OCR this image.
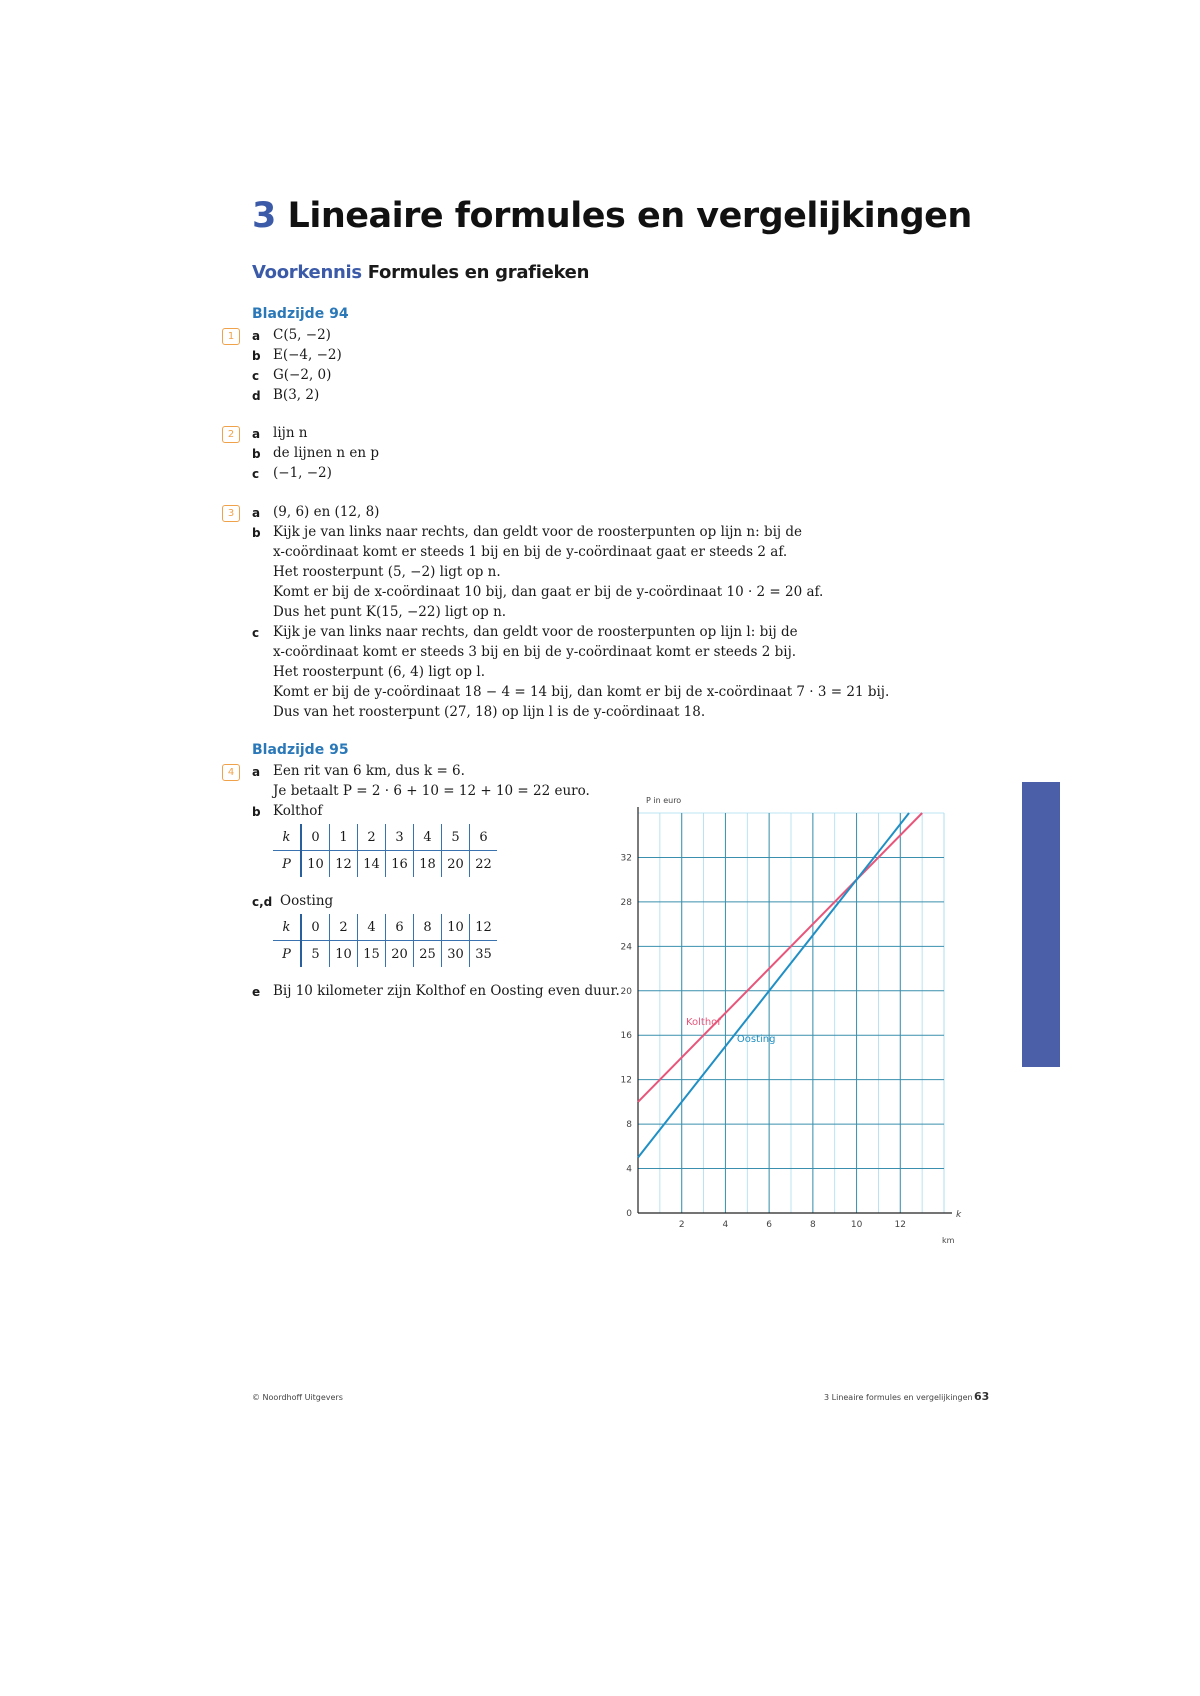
3 Lineaire formules en vergelijkingen
Voorkennis Formules en grafieken
Bladzijde 94
1	a C(5, −2)
b E(−4, −2)
c	G(−2, 0)
d B(3, 2)
2	a lijn n
b de lijnen n en p
c	(−1, −2)
3	a (9, 6) en (12, 8)
b Kijk je van links naar rechts, dan geldt voor de roosterpunten op lijn n: bij de
x-coördinaat komt er steeds 1 bij en bij de y-coördinaat gaat er steeds 2 af.
Het roosterpunt (5, −2) ligt op n.
Komt er bij de x-coördinaat 10 bij, dan gaat er bij de y-coördinaat 10 · 2 = 20 af.
Dus het punt K(15, −22) ligt op n.
c	Kijk je van links naar rechts, dan geldt voor de roosterpunten op lijn l: bij de
x-coördinaat komt er steeds 3 bij en bij de y-coördinaat komt er steeds 2 bij.
Het roosterpunt (6, 4) ligt op l.
Komt er bij de y-coördinaat 18 − 4 = 14 bij, dan komt er bij de x-coördinaat 7 · 3 = 21 bij.
Dus van het roosterpunt (27, 18) op lijn l is de y-coördinaat 18.
Bladzijde 95
4	a Een rit van 6 km, dus k = 6.
Je betaalt P = 2 · 6 + 10 = 12 + 10 = 22 euro.
b Kolthof
k	0	1	2	3	4	5	6
P	10	12	14	16	18	20	22
c,d Oosting
k	0	2	4	6	8	10	12
P	5	10	15	20	25	30	35
e Bij 10 kilometer zijn Kolthof en Oosting even duur.
2	4	6	8	10	12
0
4
8
12
16
20
24
28
32
Kolthof
Oosting
P in euro
k
km
© Noordhoff Uitgevers	3 Lineaire formules en vergelijkingen 63
